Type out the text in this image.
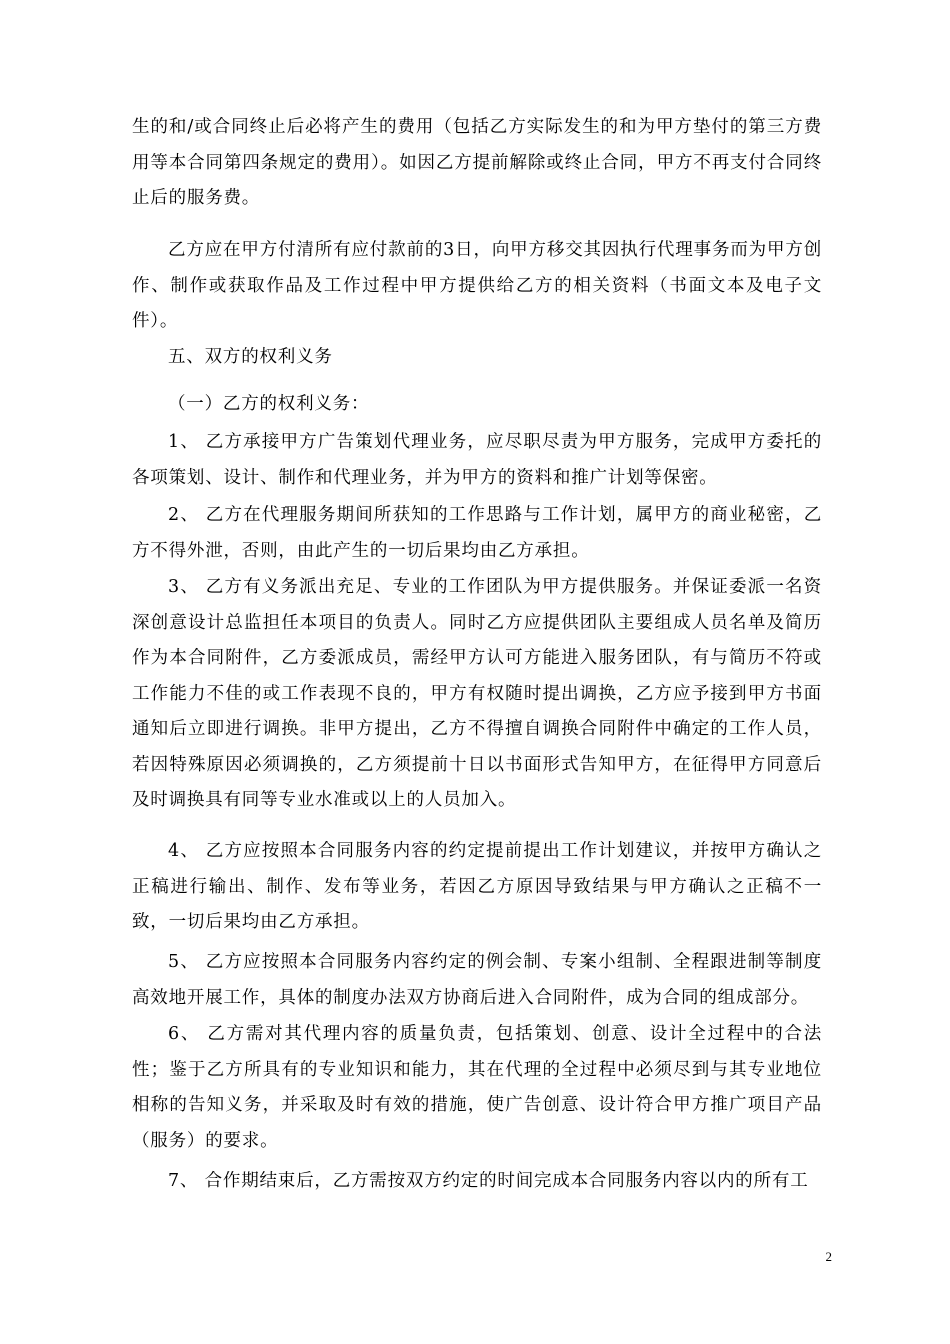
生的和/或合同终止后必将产生的费用（包括乙方实际发生的和为甲方垫付的第三方费用等本合同第四条规定的费用）。如因乙方提前解除或终止合同，甲方不再支付合同终止后的服务费。

乙方应在甲方付清所有应付款前的3日，向甲方移交其因执行代理事务而为甲方创作、制作或获取作品及工作过程中甲方提供给乙方的相关资料（书面文本及电子文件）。

五、双方的权利义务

（一）乙方的权利义务：

1、 乙方承接甲方广告策划代理业务，应尽职尽责为甲方服务，完成甲方委托的各项策划、设计、制作和代理业务，并为甲方的资料和推广计划等保密。

2、 乙方在代理服务期间所获知的工作思路与工作计划，属甲方的商业秘密，乙方不得外泄，否则，由此产生的一切后果均由乙方承担。

3、 乙方有义务派出充足、专业的工作团队为甲方提供服务。并保证委派一名资深创意设计总监担任本项目的负责人。同时乙方应提供团队主要组成人员名单及简历作为本合同附件，乙方委派成员，需经甲方认可方能进入服务团队，有与简历不符或工作能力不佳的或工作表现不良的，甲方有权随时提出调换，乙方应予接到甲方书面通知后立即进行调换。非甲方提出，乙方不得擅自调换合同附件中确定的工作人员，若因特殊原因必须调换的，乙方须提前十日以书面形式告知甲方，在征得甲方同意后及时调换具有同等专业水准或以上的人员加入。

4、 乙方应按照本合同服务内容的约定提前提出工作计划建议，并按甲方确认之正稿进行输出、制作、发布等业务，若因乙方原因导致结果与甲方确认之正稿不一致，一切后果均由乙方承担。

5、 乙方应按照本合同服务内容约定的例会制、专案小组制、全程跟进制等制度高效地开展工作，具体的制度办法双方协商后进入合同附件，成为合同的组成部分。

6、 乙方需对其代理内容的质量负责，包括策划、创意、设计全过程中的合法性；鉴于乙方所具有的专业知识和能力，其在代理的全过程中必须尽到与其专业地位相称的告知义务，并采取及时有效的措施，使广告创意、设计符合甲方推广项目产品（服务）的要求。

7、 合作期结束后，乙方需按双方约定的时间完成本合同服务内容以内的所有工

2
